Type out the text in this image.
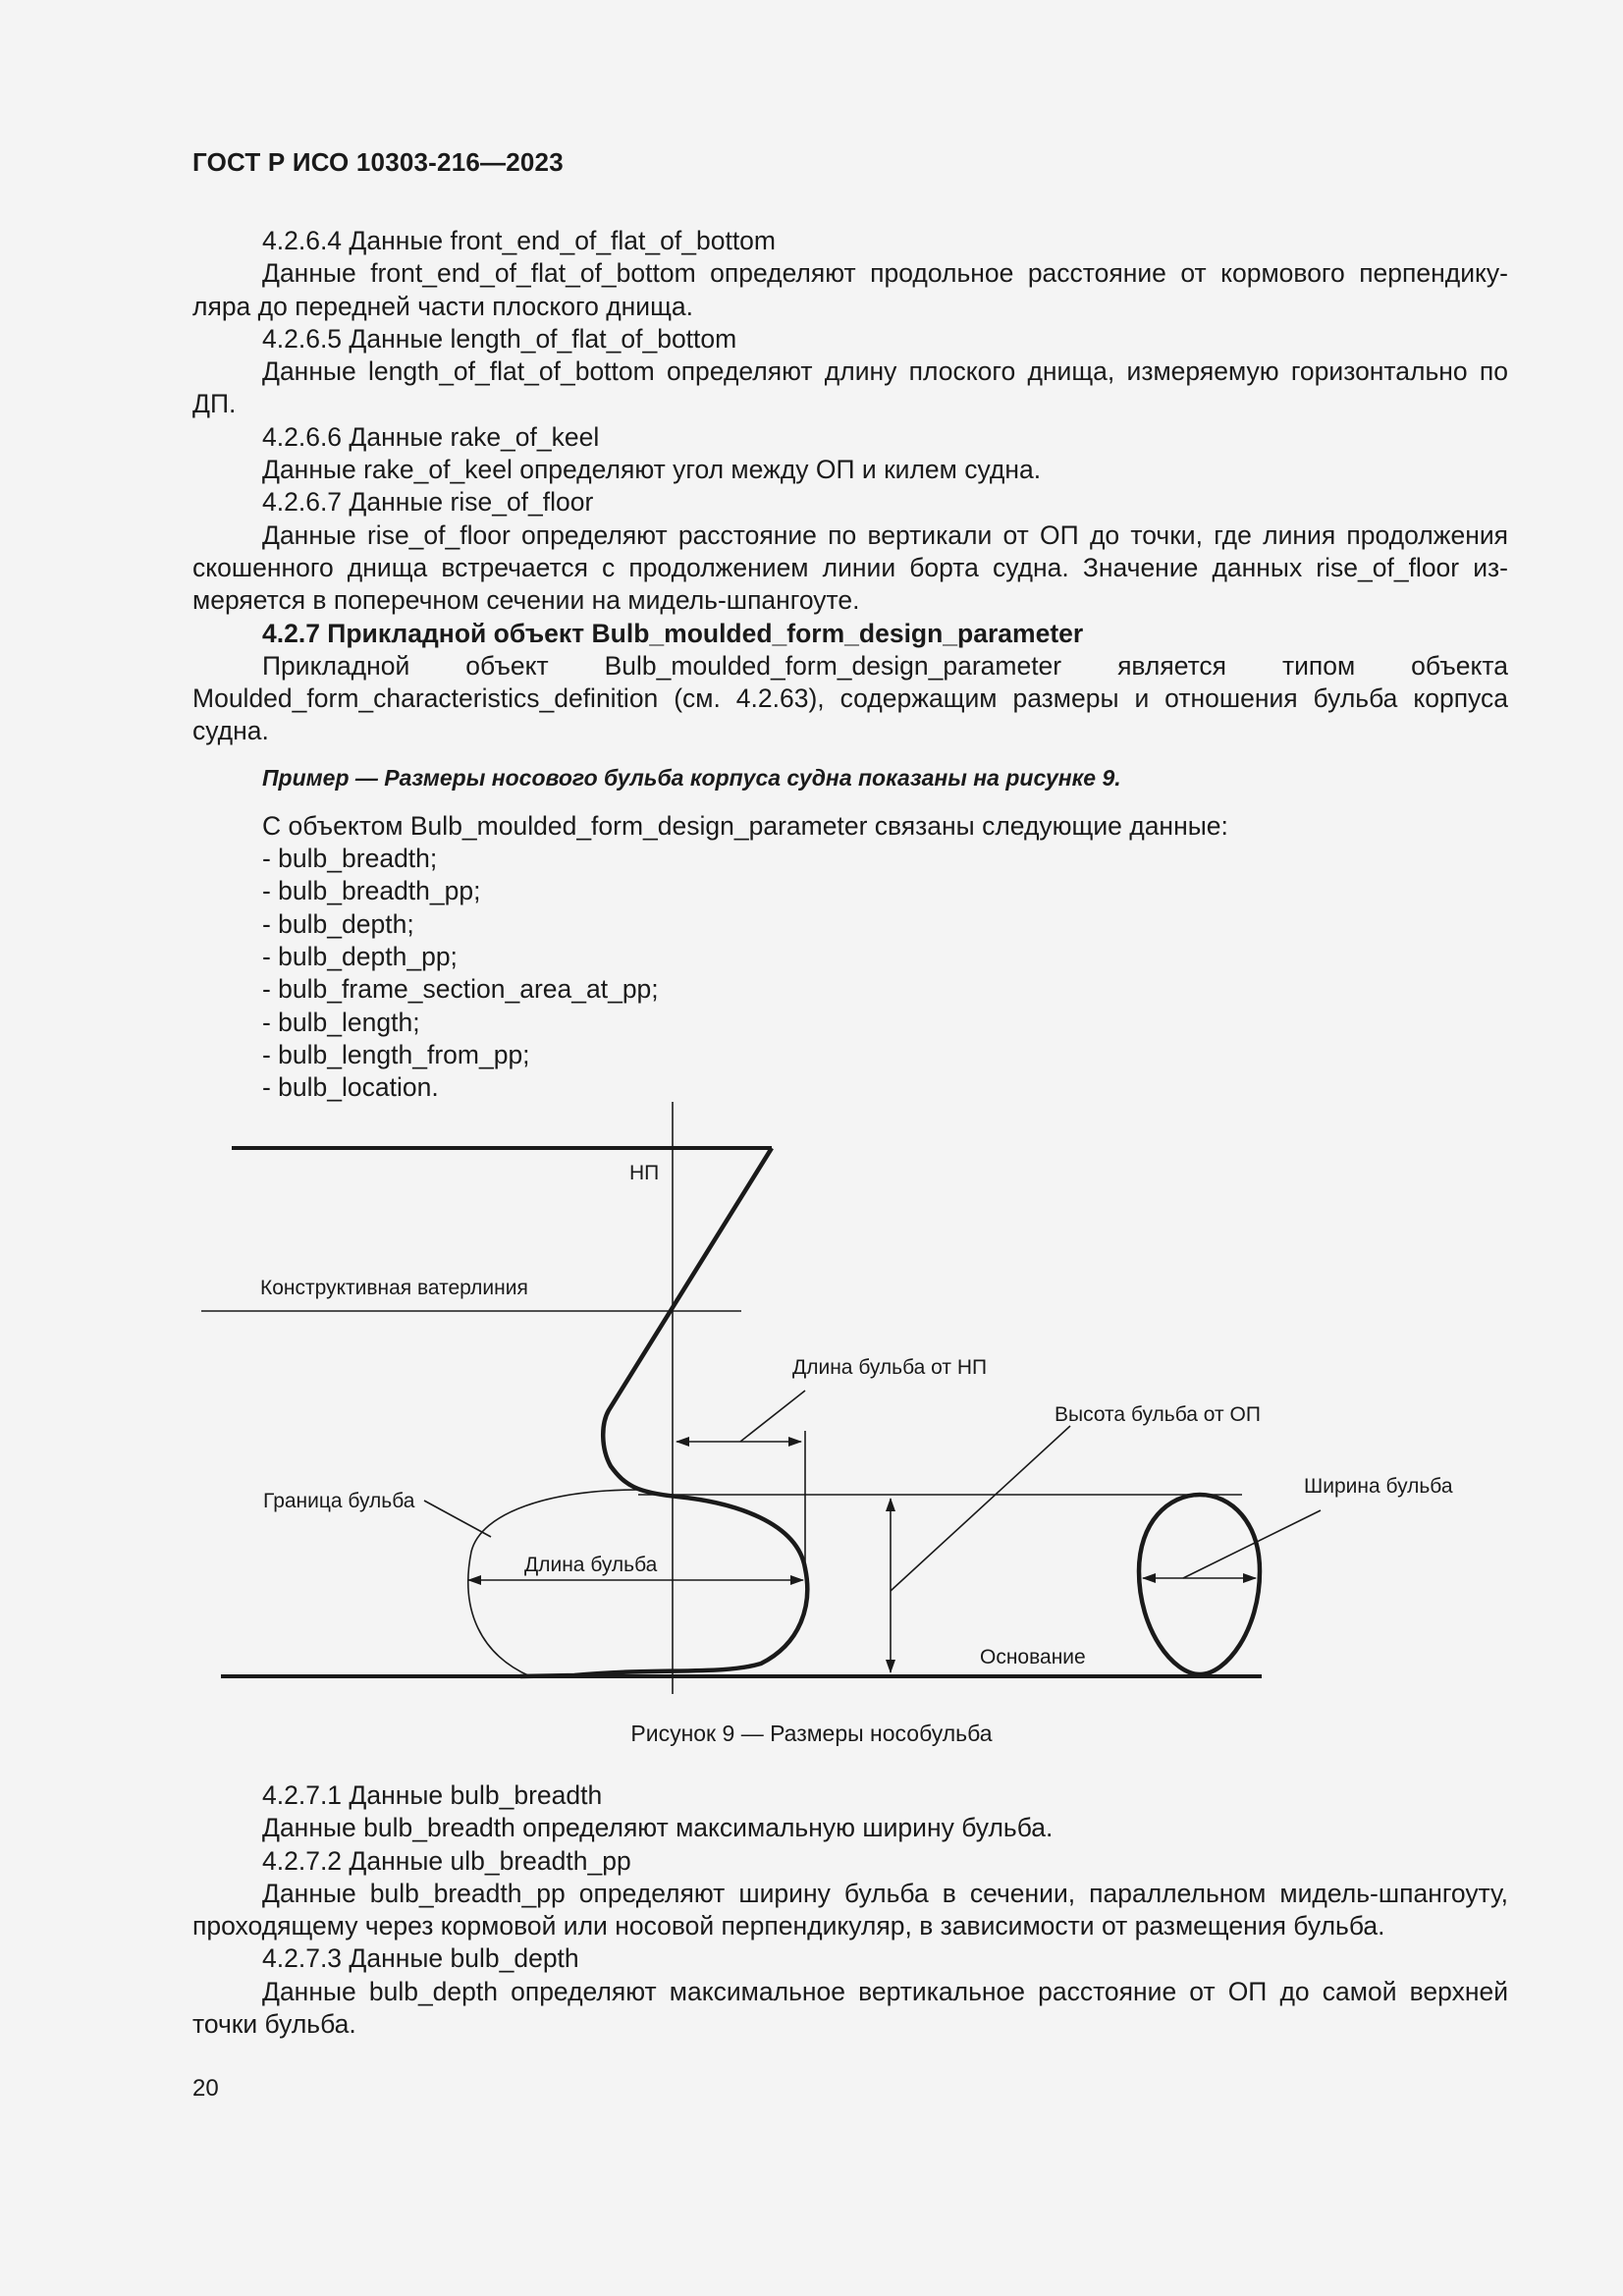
ГОСТ Р ИСО 10303-216—2023

4.2.6.4 Данные front_end_of_flat_of_bottom

Данные front_end_of_flat_of_bottom определяют продольное расстояние от кормового перпендику-ляра до передней части плоского днища.

4.2.6.5 Данные length_of_flat_of_bottom

Данные length_of_flat_of_bottom определяют длину плоского днища, измеряемую горизонтально по ДП.

4.2.6.6 Данные rake_of_keel

Данные rake_of_keel определяют угол между ОП и килем судна.

4.2.6.7 Данные rise_of_floor

Данные rise_of_floor определяют расстояние по вертикали от ОП до точки, где линия продолжения скошенного днища встречается с продолжением линии борта судна. Значение данных rise_of_floor из-меряется в поперечном сечении на мидель-шпангоуте.

4.2.7 Прикладной объект Bulb_moulded_form_design_parameter

Прикладной объект Bulb_moulded_form_design_parameter является типом объекта Moulded_form_characteristics_definition (см. 4.2.63), содержащим размеры и отношения бульба корпуса судна.

Пример — Размеры носового бульба корпуса судна показаны на рисунке 9.

С объектом Bulb_moulded_form_design_parameter связаны следующие данные:

- bulb_breadth;
- bulb_breadth_pp;
- bulb_depth;
- bulb_depth_pp;
- bulb_frame_section_area_at_pp;
- bulb_length;
- bulb_length_from_pp;
- bulb_location.
НП
Конструктивная ватерлиния
Длина бульба от НП
Высота бульба от ОП
Ширина бульба
Граница бульба
Длина бульба
Основание
Рисунок 9 — Размеры нособульба

4.2.7.1 Данные bulb_breadth

Данные bulb_breadth определяют максимальную ширину бульба.

4.2.7.2 Данные ulb_breadth_pp

Данные bulb_breadth_pp определяют ширину бульба в сечении, параллельном мидель-шпангоуту, проходящему через кормовой или носовой перпендикуляр, в зависимости от размещения бульба.

4.2.7.3 Данные bulb_depth

Данные bulb_depth определяют максимальное вертикальное расстояние от ОП до самой верхней точки бульба.

20
